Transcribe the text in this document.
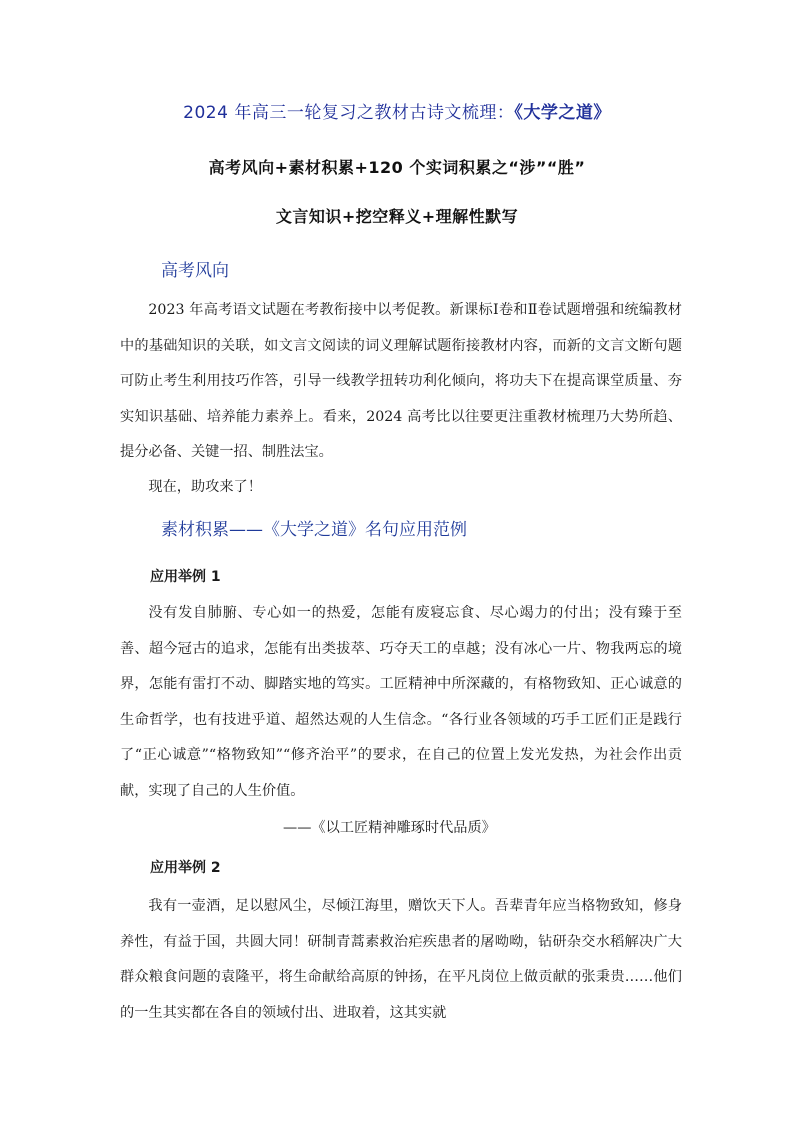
2024 年高三一轮复习之教材古诗文梳理：《大学之道》
高考风向+素材积累+120 个实词积累之“涉”“胜”
文言知识+挖空释义+理解性默写
高考风向

2023 年高考语文试题在考教衔接中以考促教。新课标Ⅰ卷和Ⅱ卷试题增强和统编教材中的基础知识的关联，如文言文阅读的词义理解试题衔接教材内容，而新的文言文断句题可防止考生利用技巧作答，引导一线教学扭转功利化倾向，将功夫下在提高课堂质量、夯实知识基础、培养能力素养上。看来，2024 高考比以往要更注重教材梳理乃大势所趋、提分必备、关键一招、制胜法宝。

现在，助攻来了！

素材积累——《大学之道》名句应用范例
应用举例 1

没有发自肺腑、专心如一的热爱，怎能有废寝忘食、尽心竭力的付出；没有臻于至善、超今冠古的追求，怎能有出类拔萃、巧夺天工的卓越；没有冰心一片、物我两忘的境界，怎能有雷打不动、脚踏实地的笃实。工匠精神中所深藏的，有格物致知、正心诚意的生命哲学，也有技进乎道、超然达观的人生信念。“各行业各领域的巧手工匠们正是践行了“正心诚意”“格物致知”“修齐治平”的要求，在自己的位置上发光发热，为社会作出贡献，实现了自己的人生价值。

——《以工匠精神雕琢时代品质》
应用举例 2

我有一壶酒，足以慰风尘，尽倾江海里，赠饮天下人。吾辈青年应当格物致知，修身养性，有益于国，共圆大同！研制青蒿素救治疟疾患者的屠呦呦，钻研杂交水稻解决广大群众粮食问题的袁隆平，将生命献给高原的钟扬，在平凡岗位上做贡献的张秉贵……他们的一生其实都在各自的领域付出、进取着，这其实就
